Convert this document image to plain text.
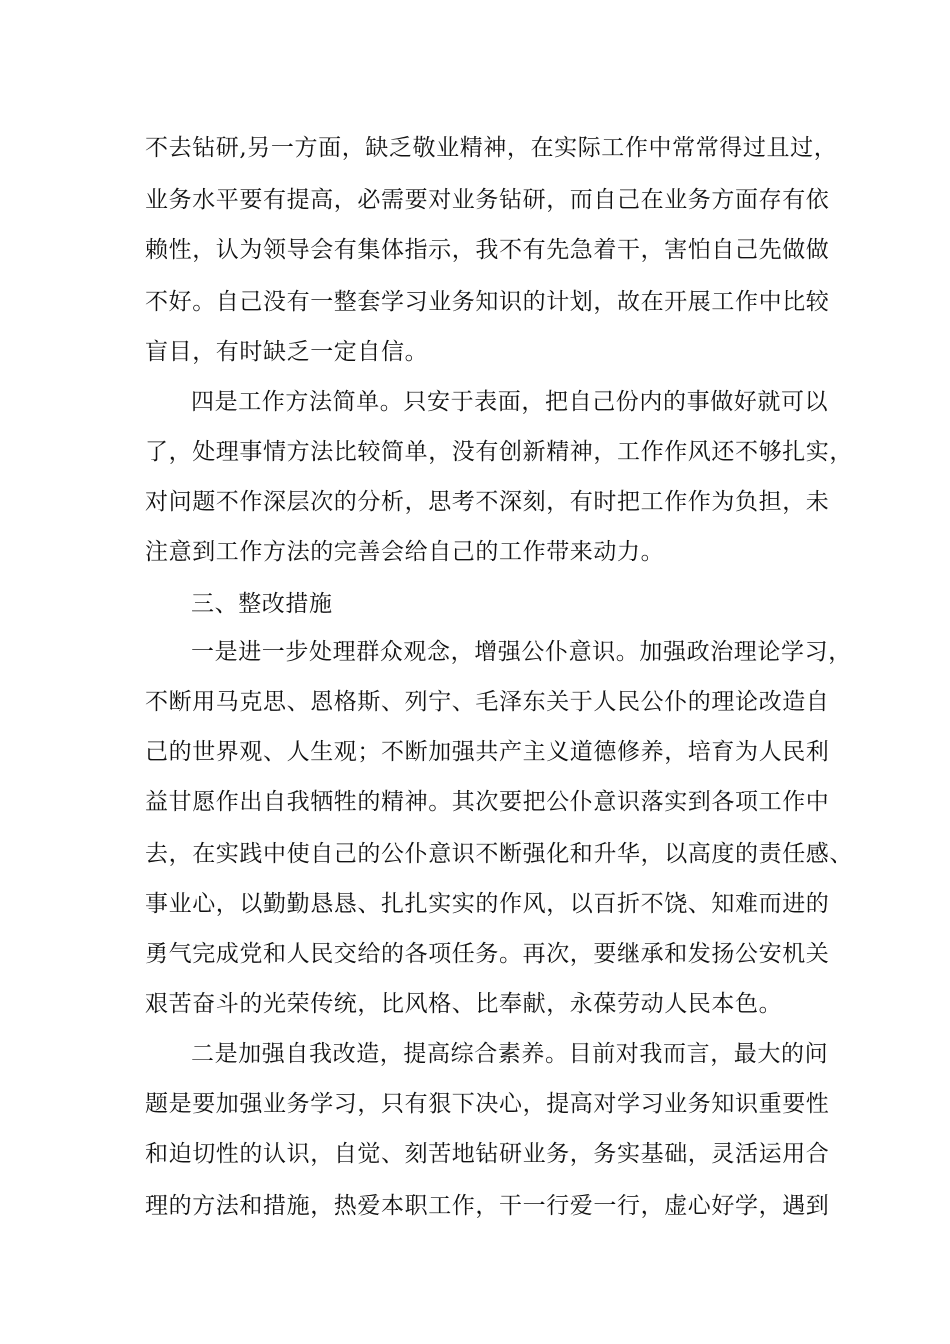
不去钻研,另一方面，缺乏敬业精神，在实际工作中常常得过且过，
业务水平要有提高，必需要对业务钻研，而自己在业务方面存有依
赖性，认为领导会有集体指示，我不有先急着干，害怕自己先做做
不好。自己没有一整套学习业务知识的计划，故在开展工作中比较
盲目，有时缺乏一定自信。
四是工作方法简单。只安于表面，把自己份内的事做好就可以
了，处理事情方法比较简单，没有创新精神，工作作风还不够扎实，
对问题不作深层次的分析，思考不深刻，有时把工作作为负担，未
注意到工作方法的完善会给自己的工作带来动力。
三、整改措施
一是进一步处理群众观念，增强公仆意识。加强政治理论学习，
不断用马克思、恩格斯、列宁、毛泽东关于人民公仆的理论改造自
己的世界观、人生观；不断加强共产主义道德修养，培育为人民利
益甘愿作出自我牺牲的精神。其次要把公仆意识落实到各项工作中
去，在实践中使自己的公仆意识不断强化和升华，以高度的责任感、
事业心，以勤勤恳恳、扎扎实实的作风，以百折不饶、知难而进的
勇气完成党和人民交给的各项任务。再次，要继承和发扬公安机关
艰苦奋斗的光荣传统，比风格、比奉献，永葆劳动人民本色。
二是加强自我改造，提高综合素养。目前对我而言，最大的问
题是要加强业务学习，只有狠下决心，提高对学习业务知识重要性
和迫切性的认识，自觉、刻苦地钻研业务，务实基础，灵活运用合
理的方法和措施，热爱本职工作，干一行爱一行，虚心好学，遇到
